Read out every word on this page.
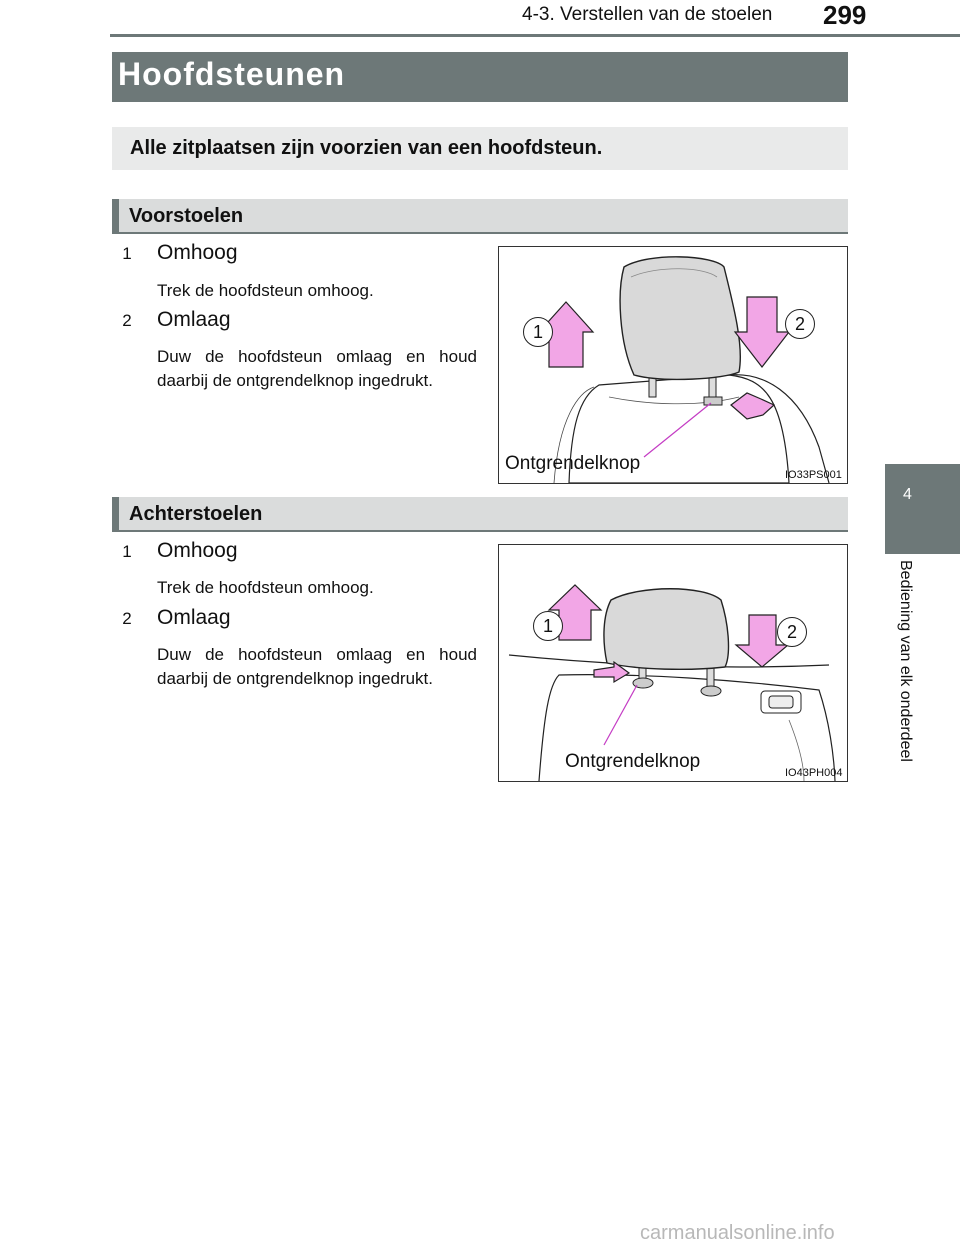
4-3. Verstellen van de stoelen 299
Hoofdsteunen
Alle zitplaatsen zijn voorzien van een hoofdsteun.
Voorstoelen
1 Omhoog
Trek de hoofdsteun omhoog.
2 Omlaag
Duw de hoofdsteun omlaag en houd daarbij de ontgrendelknop ingedrukt.
1	2
Ontgrendelknop
IO33PS001
Achterstoelen
1 Omhoog
Trek de hoofdsteun omhoog.
2 Omlaag
Duw de hoofdsteun omlaag en houd daarbij de ontgrendelknop ingedrukt.
1	2
Ontgrendelknop
IO43PH004
4
Bediening van elk onderdeel
carmanualsonline.info
